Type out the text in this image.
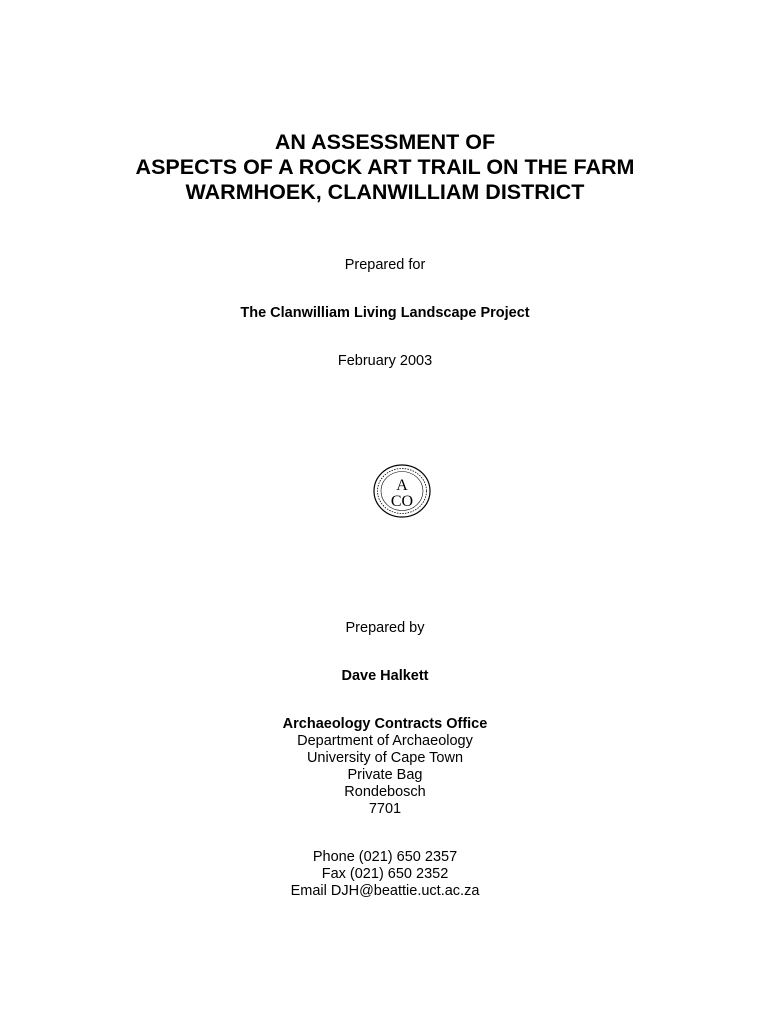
AN ASSESSMENT OF
ASPECTS OF A ROCK ART TRAIL ON THE FARM
WARMHOEK, CLANWILLIAM DISTRICT
Prepared for
The Clanwilliam Living Landscape Project
February 2003
A
CO
Prepared by
Dave Halkett
Archaeology Contracts Office
Department of Archaeology
University of Cape Town
Private Bag
Rondebosch
7701
Phone (021) 650 2357
Fax (021) 650 2352
Email DJH@beattie.uct.ac.za
